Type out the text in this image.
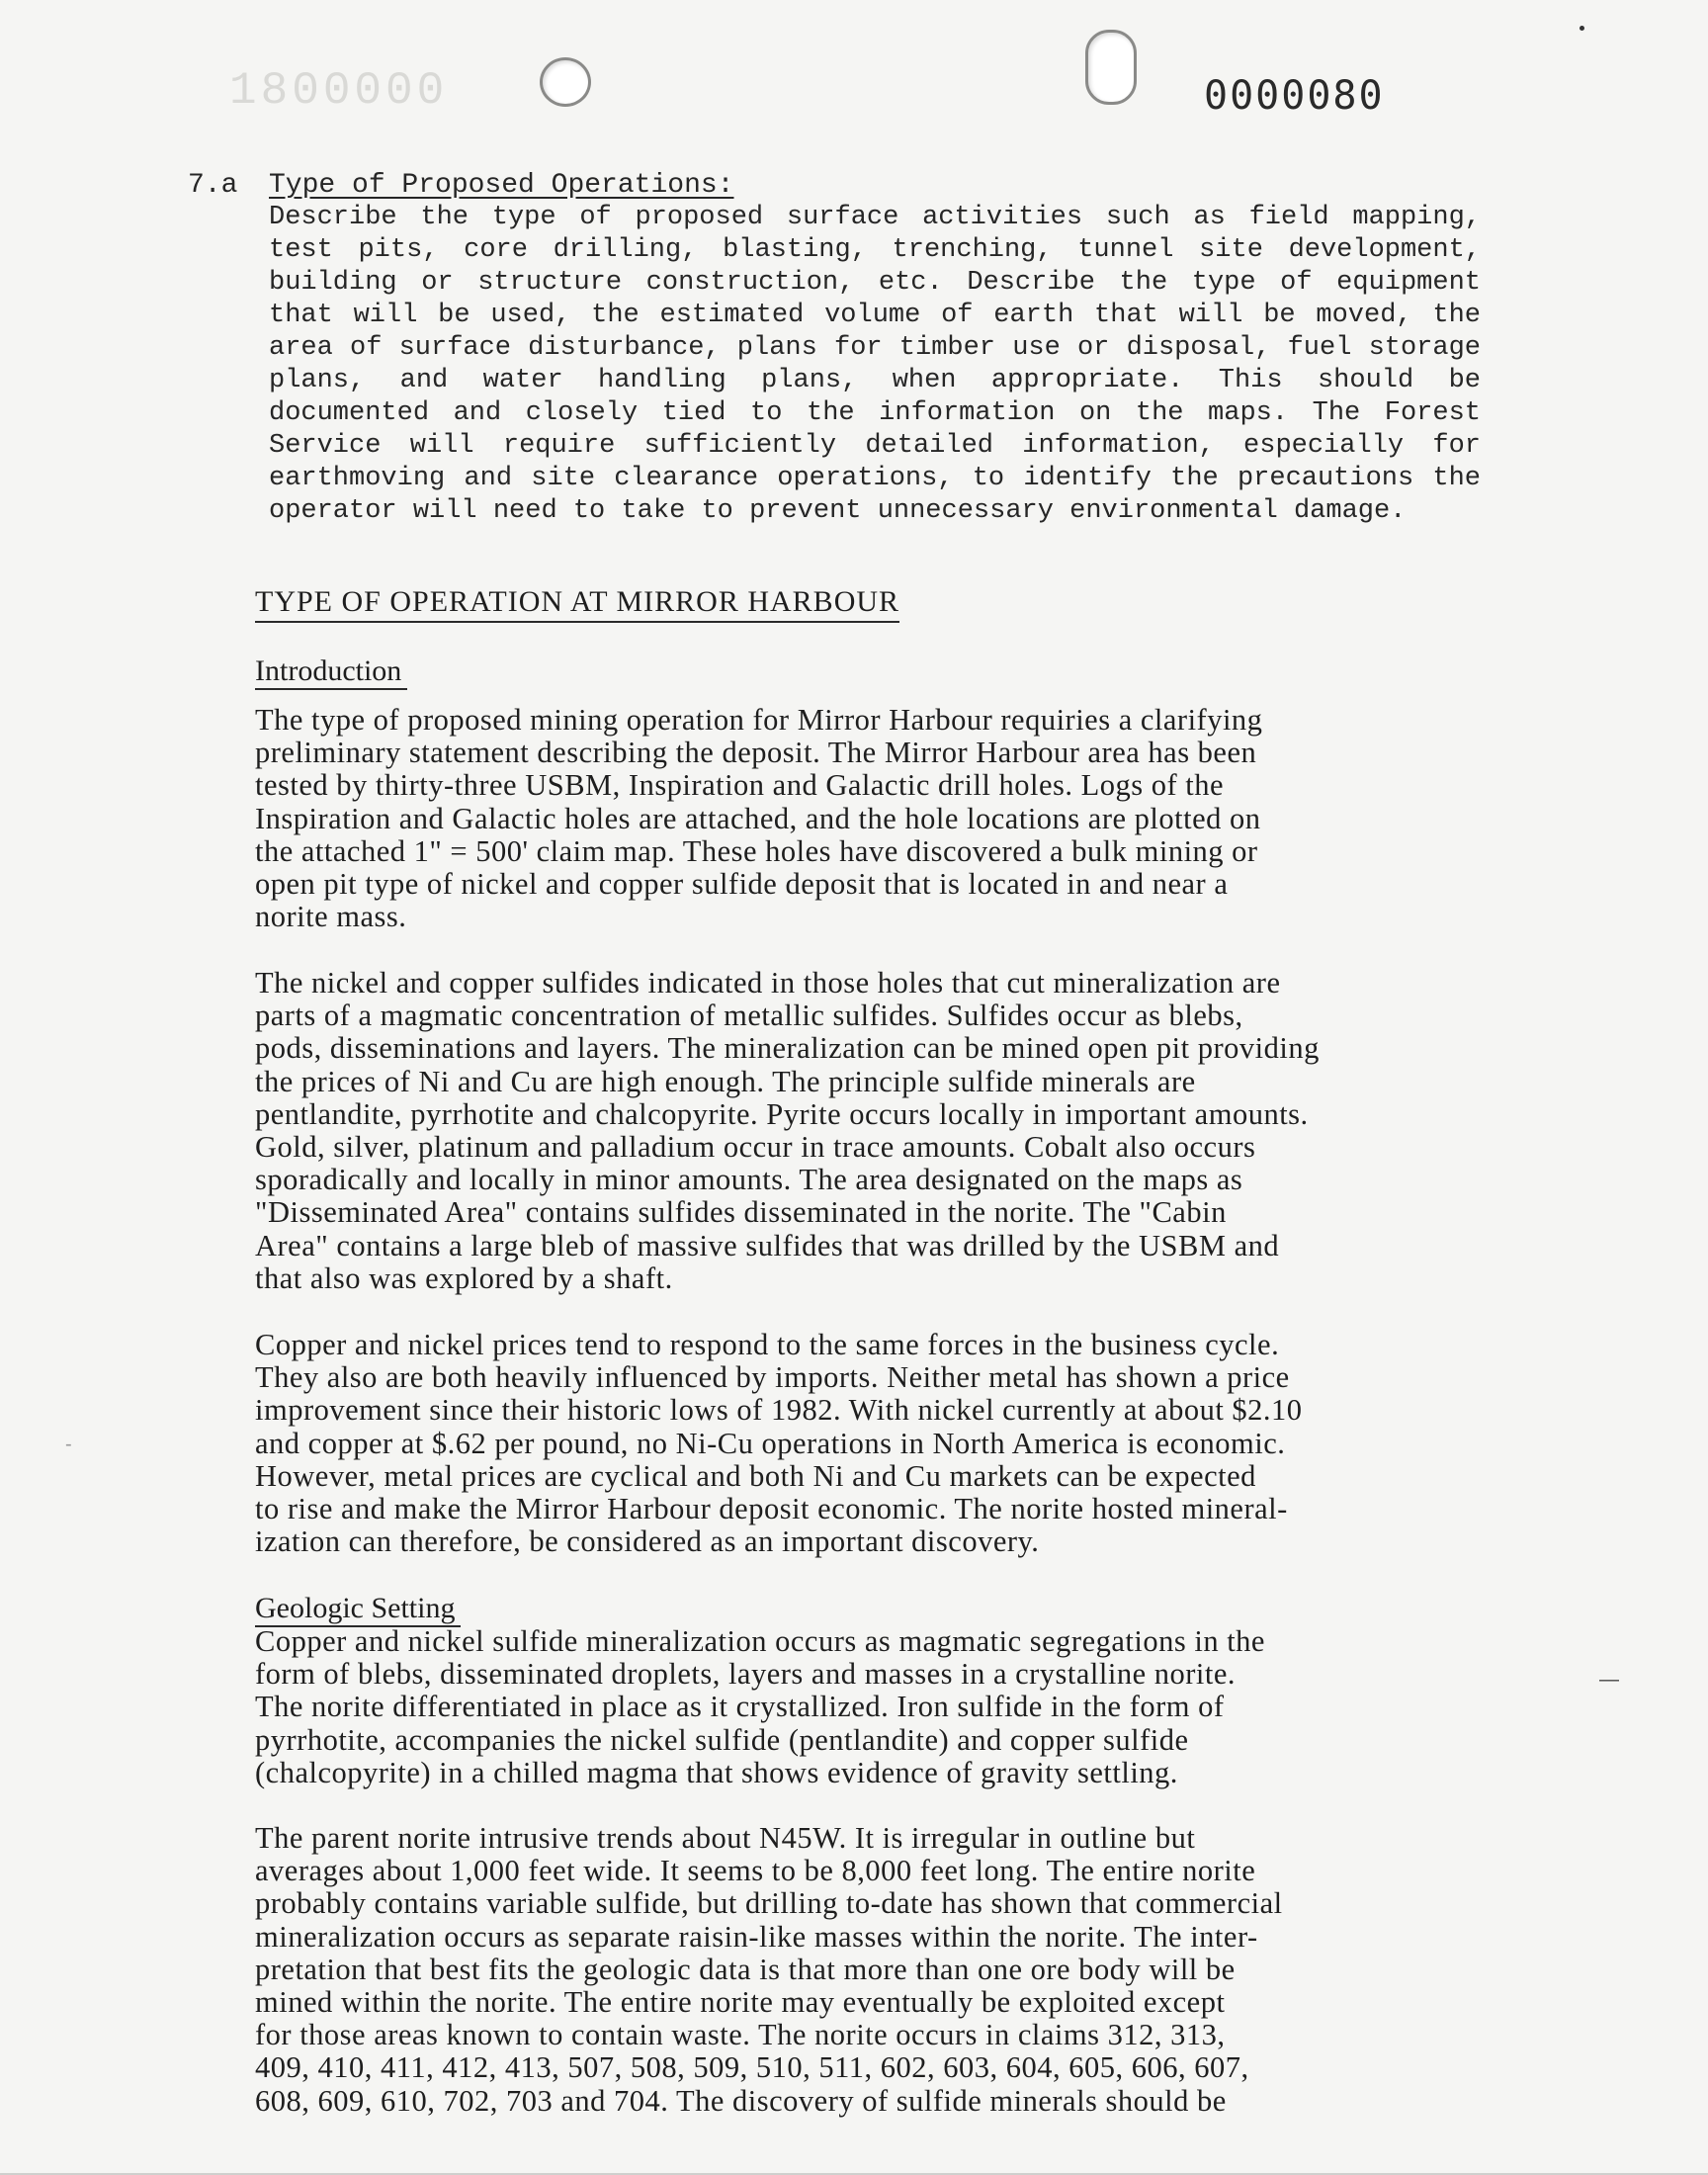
1800000	0000080
7.a Type of Proposed Operations:

Describe the type of proposed surface activities such as field mapping, test pits, core drilling, blasting, trenching, tunnel site development, building or structure construction, etc. Describe the type of equipment that will be used, the estimated volume of earth that will be moved, the area of surface disturbance, plans for timber use or disposal, fuel storage plans, and water handling plans, when appropriate. This should be documented and closely tied to the information on the maps. The Forest Service will require sufficiently detailed information, especially for earthmoving and site clearance operations, to identify the precautions the operator will need to take to prevent unnecessary environmental damage.

TYPE OF OPERATION AT MIRROR HARBOUR
Introduction

The type of proposed mining operation for Mirror Harbour requiries a clarifying
preliminary statement describing the deposit. The Mirror Harbour area has been
tested by thirty-three USBM, Inspiration and Galactic drill holes. Logs of the
Inspiration and Galactic holes are attached, and the hole locations are plotted on
the attached 1" = 500' claim map. These holes have discovered a bulk mining or
open pit type of nickel and copper sulfide deposit that is located in and near a
norite mass.

The nickel and copper sulfides indicated in those holes that cut mineralization are
parts of a magmatic concentration of metallic sulfides. Sulfides occur as blebs,
pods, disseminations and layers. The mineralization can be mined open pit providing
the prices of Ni and Cu are high enough. The principle sulfide minerals are
pentlandite, pyrrhotite and chalcopyrite. Pyrite occurs locally in important amounts.
Gold, silver, platinum and palladium occur in trace amounts. Cobalt also occurs
sporadically and locally in minor amounts. The area designated on the maps as
"Disseminated Area" contains sulfides disseminated in the norite. The "Cabin
Area" contains a large bleb of massive sulfides that was drilled by the USBM and
that also was explored by a shaft.

Copper and nickel prices tend to respond to the same forces in the business cycle.
They also are both heavily influenced by imports. Neither metal has shown a price
improvement since their historic lows of 1982. With nickel currently at about $2.10
and copper at $.62 per pound, no Ni-Cu operations in North America is economic.
However, metal prices are cyclical and both Ni and Cu markets can be expected
to rise and make the Mirror Harbour deposit economic. The norite hosted mineral-
ization can therefore, be considered as an important discovery.

Geologic Setting

Copper and nickel sulfide mineralization occurs as magmatic segregations in the
form of blebs, disseminated droplets, layers and masses in a crystalline norite.
The norite differentiated in place as it crystallized. Iron sulfide in the form of
pyrrhotite, accompanies the nickel sulfide (pentlandite) and copper sulfide
(chalcopyrite) in a chilled magma that shows evidence of gravity settling.

The parent norite intrusive trends about N45W. It is irregular in outline but
averages about 1,000 feet wide. It seems to be 8,000 feet long. The entire norite
probably contains variable sulfide, but drilling to-date has shown that commercial
mineralization occurs as separate raisin-like masses within the norite. The inter-
pretation that best fits the geologic data is that more than one ore body will be
mined within the norite. The entire norite may eventually be exploited except
for those areas known to contain waste. The norite occurs in claims 312, 313,
409, 410, 411, 412, 413, 507, 508, 509, 510, 511, 602, 603, 604, 605, 606, 607,
608, 609, 610, 702, 703 and 704. The discovery of sulfide minerals should be

—
-
